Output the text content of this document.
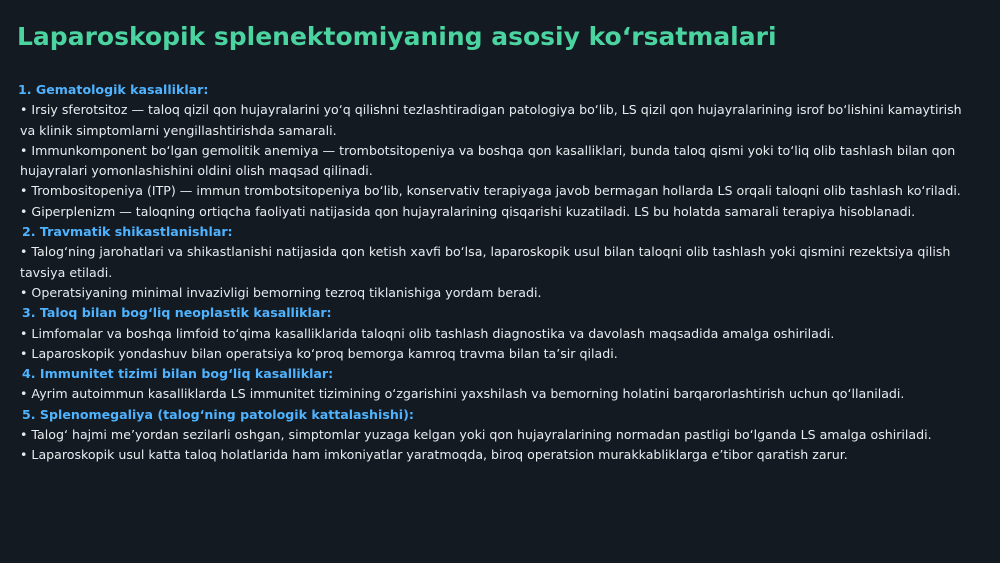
Laparoskopik splenektomiyaning asosiy ko‘rsatmalari

1. Gematologik kasalliklar:

• Irsiy sferotsitoz — taloq qizil qon hujayralarini yo‘q qilishni tezlashtiradigan patologiya bo‘lib, LS qizil qon hujayralarining isrof bo‘lishini kamaytirish va klinik simptomlarni yengillashtirishda samarali.

• Immunkomponent bo‘lgan gemolitik anemiya — trombotsitopeniya va boshqa qon kasalliklari, bunda taloq qismi yoki to‘liq olib tashlash bilan qon hujayralari yomonlashishini oldini olish maqsad qilinadi.

• Trombositopeniya (ITP) — immun trombotsitopeniya bo‘lib, konservativ terapiyaga javob bermagan hollarda LS orqali taloqni olib tashlash ko‘riladi.

• Giperplenizm — taloqning ortiqcha faoliyati natijasida qon hujayralarining qisqarishi kuzatiladi. LS bu holatda samarali terapiya hisoblanadi.

2. Travmatik shikastlanishlar:

• Talog‘ning jarohatlari va shikastlanishi natijasida qon ketish xavfi bo‘lsa, laparoskopik usul bilan taloqni olib tashlash yoki qismini rezektsiya qilish tavsiya etiladi.

• Operatsiyaning minimal invazivligi bemorning tezroq tiklanishiga yordam beradi.

3. Taloq bilan bog‘liq neoplastik kasalliklar:

• Limfomalar va boshqa limfoid to‘qima kasalliklarida taloqni olib tashlash diagnostika va davolash maqsadida amalga oshiriladi.

• Laparoskopik yondashuv bilan operatsiya ko‘proq bemorga kamroq travma bilan ta’sir qiladi.

4. Immunitet tizimi bilan bog‘liq kasalliklar:

• Ayrim autoimmun kasalliklarda LS immunitet tizimining o‘zgarishini yaxshilash va bemorning holatini barqarorlashtirish uchun qo‘llaniladi.

5. Splenomegaliya (talog‘ning patologik kattalashishi):

• Talog‘ hajmi me’yordan sezilarli oshgan, simptomlar yuzaga kelgan yoki qon hujayralarining normadan pastligi bo‘lganda LS amalga oshiriladi.

• Laparoskopik usul katta taloq holatlarida ham imkoniyatlar yaratmoqda, biroq operatsion murakkabliklarga e’tibor qaratish zarur.
